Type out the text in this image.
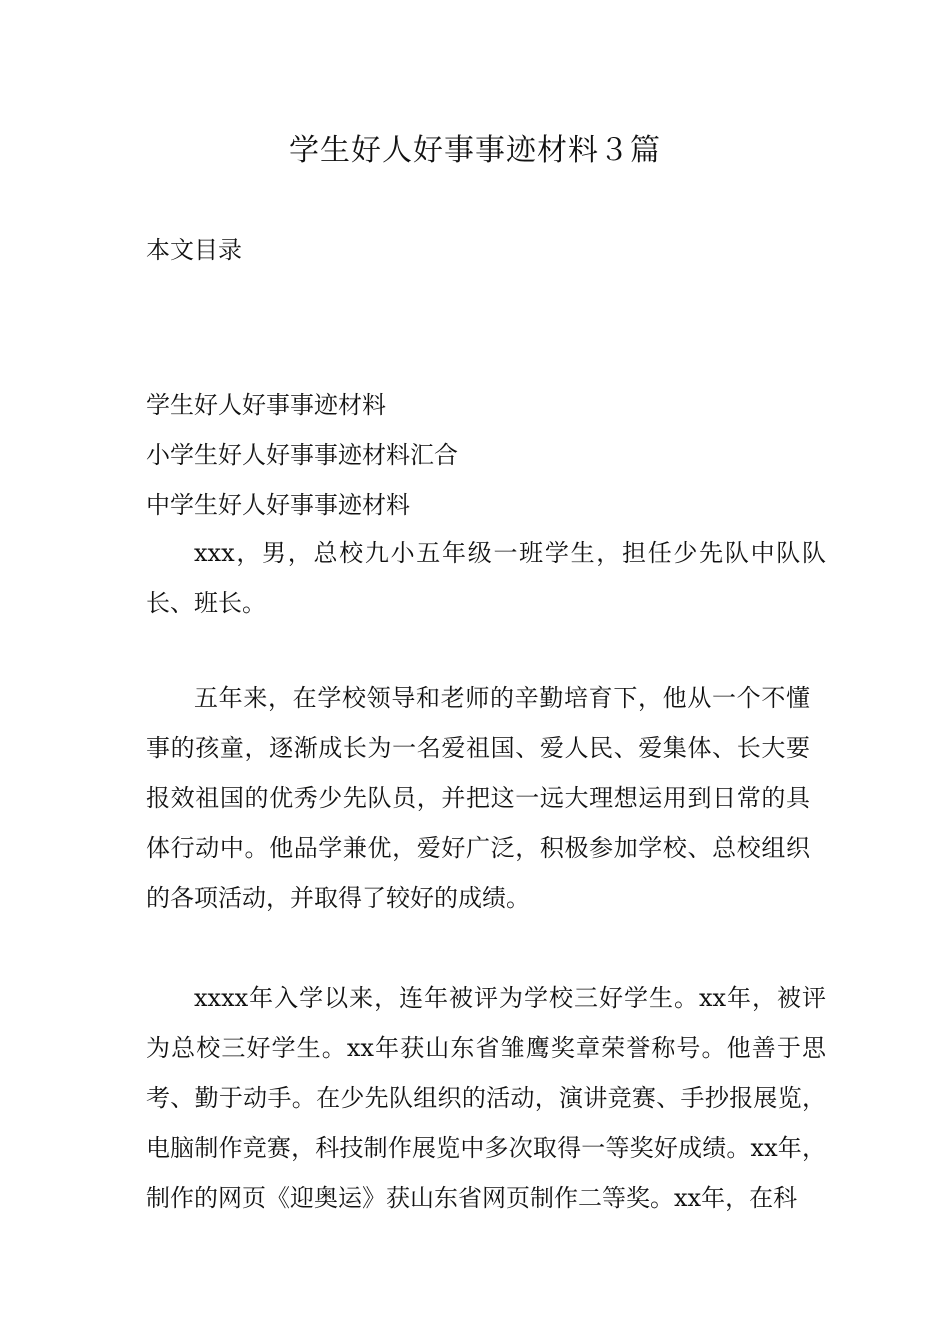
学生好人好事事迹材料３篇
本文目录
学生好人好事事迹材料
小学生好人好事事迹材料汇合
中学生好人好事事迹材料

xxx，男，总校九小五年级一班学生，担任少先队中队队长、班长。

五年来，在学校领导和老师的辛勤培育下，他从一个不懂事的孩童，逐渐成长为一名爱祖国、爱人民、爱集体、长大要报效祖国的优秀少先队员，并把这一远大理想运用到日常的具体行动中。他品学兼优，爱好广泛，积极参加学校、总校组织的各项活动，并取得了较好的成绩。

xxxx年入学以来，连年被评为学校三好学生。xx年，被评为总校三好学生。xx年获山东省雏鹰奖章荣誉称号。他善于思考、勤于动手。在少先队组织的活动，演讲竞赛、手抄报展览，电脑制作竞赛，科技制作展览中多次取得一等奖好成绩。xx年，制作的网页《迎奥运》获山东省网页制作二等奖。xx年，在科
